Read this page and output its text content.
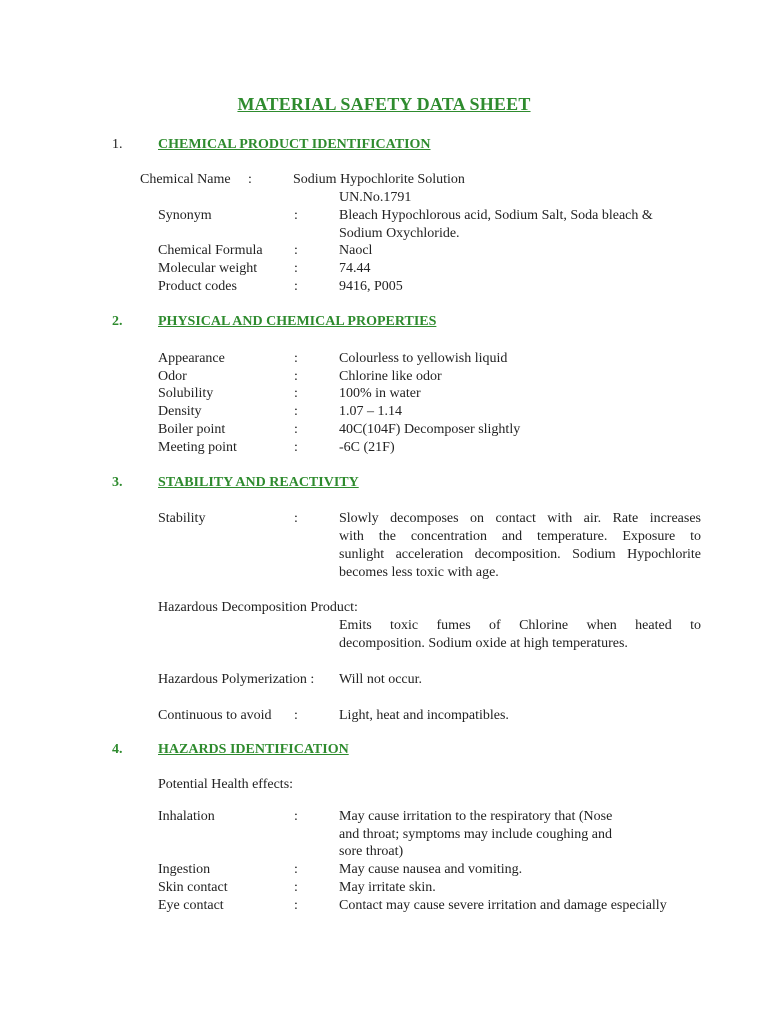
MATERIAL SAFETY DATA SHEET
1.	CHEMICAL PRODUCT IDENTIFICATION
Chemical Name :	Sodium Hypochlorite Solution
UN.No.1791
Synonym	:	Bleach Hypochlorous acid, Sodium Salt, Soda bleach &
Sodium Oxychloride.
Chemical Formula :	Naocl
Molecular weight	:	74.44
Product codes	:	9416, P005
2.	PHYSICAL AND CHEMICAL PROPERTIES
Appearance	:	Colourless to yellowish liquid
Odor	:	Chlorine like odor
Solubility	:	100% in water
Density	:	1.07 – 1.14
Boiler point	:	40C(104F) Decomposer slightly
Meeting point	:	-6C (21F)
3.	STABILITY AND REACTIVITY
Stability	:	Slowly decomposes on contact with air. Rate increases
with the concentration and temperature. Exposure to
sunlight acceleration decomposition. Sodium Hypochlorite
becomes less toxic with age.
Hazardous Decomposition Product:
Emits toxic fumes of Chlorine when heated to
decomposition. Sodium oxide at high temperatures.
Hazardous Polymerization : Will not occur.
Continuous to avoid :	Light, heat and incompatibles.
4.	HAZARDS IDENTIFICATION
Potential Health effects:
Inhalation	:	May cause irritation to the respiratory that (Nose
and throat; symptoms may include coughing and
sore throat)
Ingestion	:	May cause nausea and vomiting.
Skin contact	:	May irritate skin.
Eye contact	:	Contact may cause severe irritation and damage especially
